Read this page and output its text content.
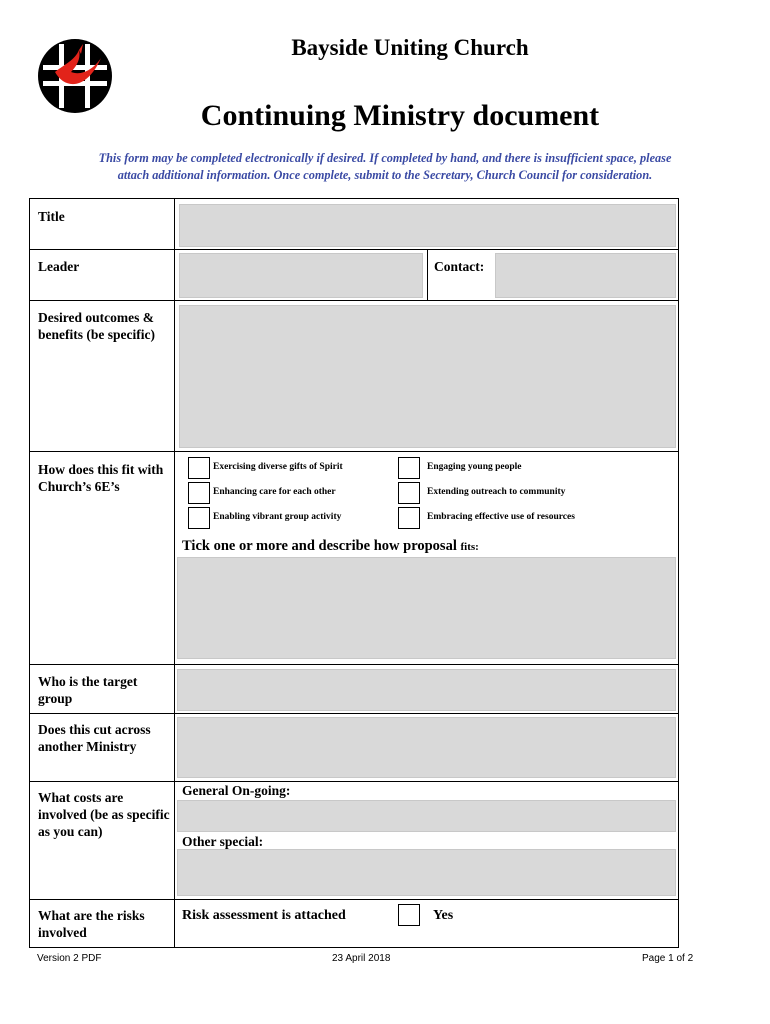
Bayside Uniting Church
Continuing Ministry document
This form may be completed electronically if desired. If completed by hand, and there is insufficient space, please
attach additional information. Once complete, submit to the Secretary, Church Council for consideration.
Title
Leader	Contact:
Desired outcomes & benefits (be specific)
How does this fit with Church’s 6E’s
Exercising diverse gifts of Spirit	Engaging young people
Enhancing care for each other	Extending outreach to community
Enabling vibrant group activity	Embracing effective use of resources
Tick one or more and describe how proposal fits:
Who is the target group
Does this cut across another Ministry
What costs are involved (be as specific as you can)
General On-going:
Other special:
What are the risks involved
Risk assessment is attached	Yes
Version 2 PDF	23 April 2018	Page 1 of 2
